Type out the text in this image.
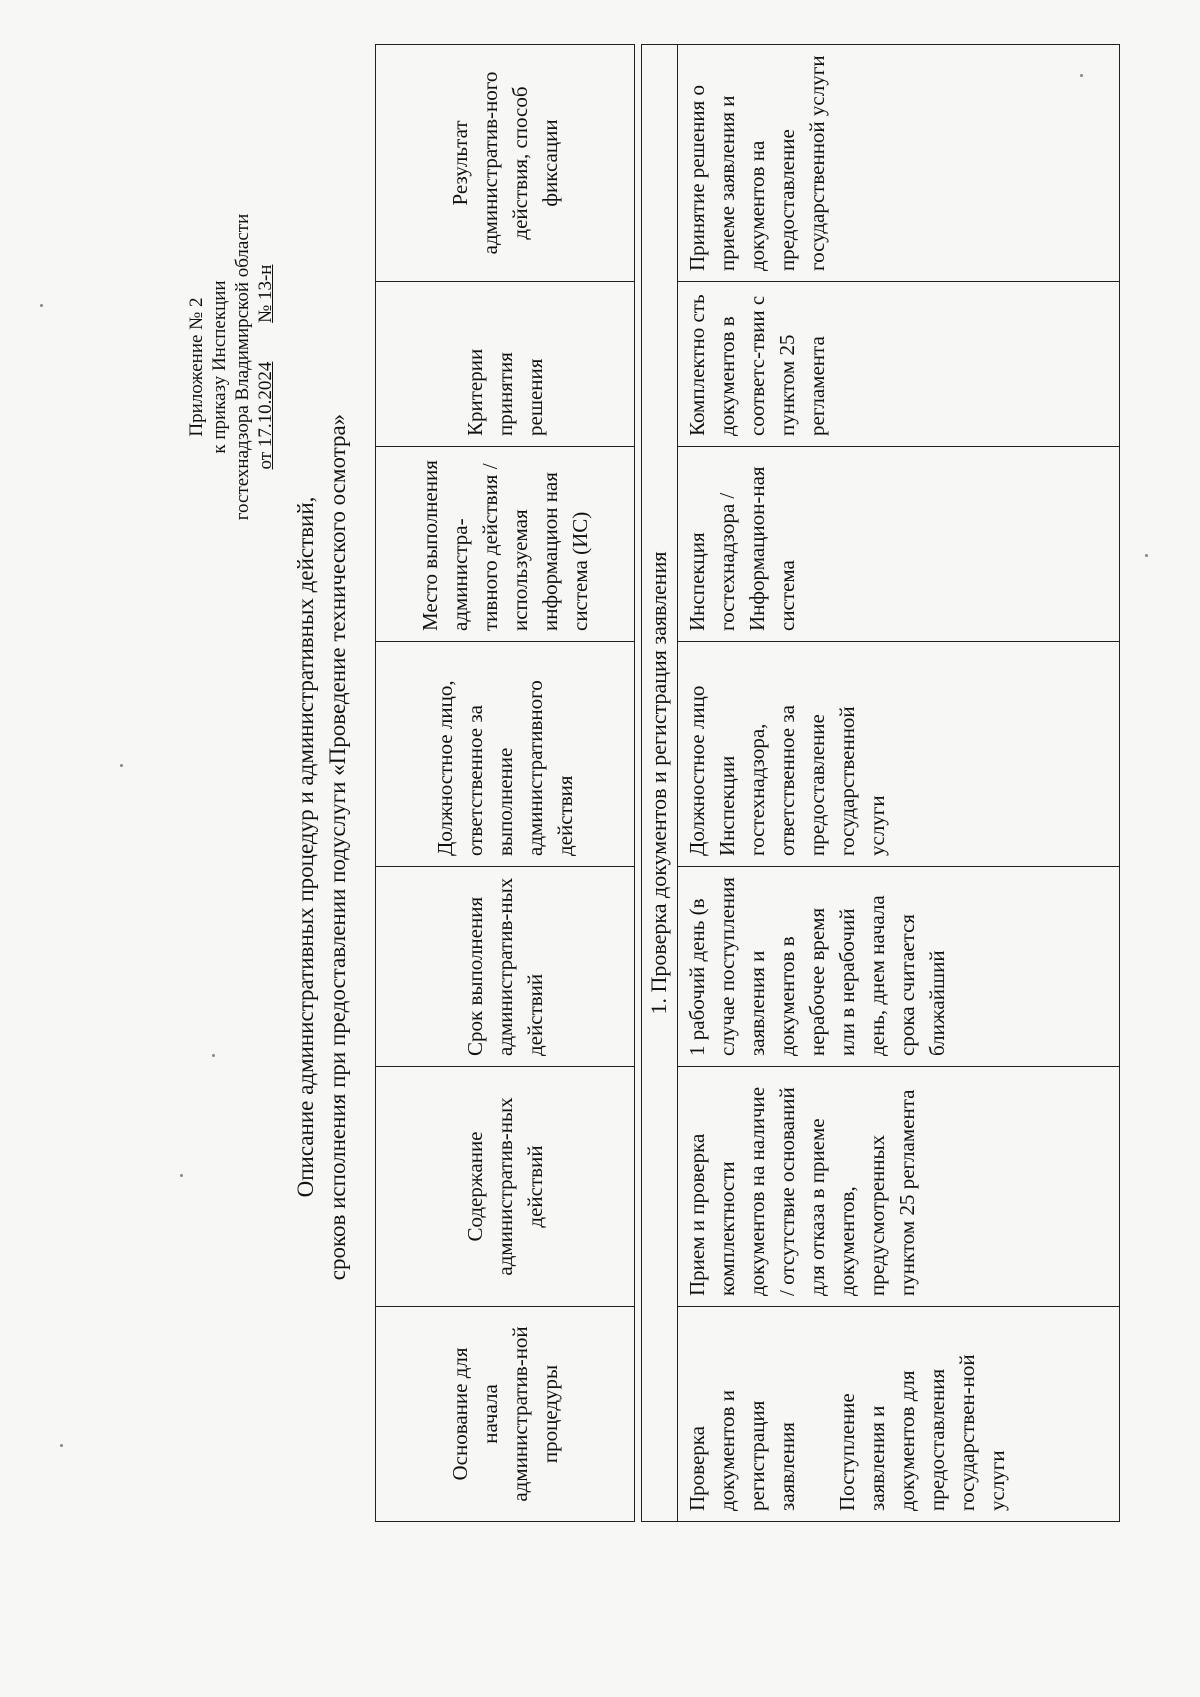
Приложение № 2 к приказу Инспекции гостехнадзора Владимирской области от 17.10.2024 № 13-н
Описание административных процедур и административных действий, сроков исполнения при предоставлении подуслуги «Проведение технического осмотра»
Основание для начала административ-ной процедуры	Содержание административ-ных действий	Срок выполнения административ-ных действий	Должностное лицо, ответственное за выполнение административного действия	Место выполнения администра-тивного действия / используемая информацион ная система (ИС)	Критерии принятия решения	Результат административ-ного действия, способ фиксации

1. Проверка документов и регистрация заявления						
Проверка документов и регистрация заявления Поступление заявления и документов для предоставления государствен-ной услуги	Прием и проверка комплектности документов на наличие / отсутствие оснований для отказа в приеме документов, предусмотренных пунктом 25 регламента	1 рабочий день (в случае поступления заявления и документов в нерабочее время или в нерабочий день, днем начала срока считается ближайший	Должностное лицо Инспекции гостехнадзора, ответственное за предоставление государственной услуги	Инспекция гостехнадзора / Информацион-ная система	Комплектно сть документов в соответс-твии с пунктом 25 регламента	Принятие решения о приеме заявления и документов на предоставление государственной услуги
